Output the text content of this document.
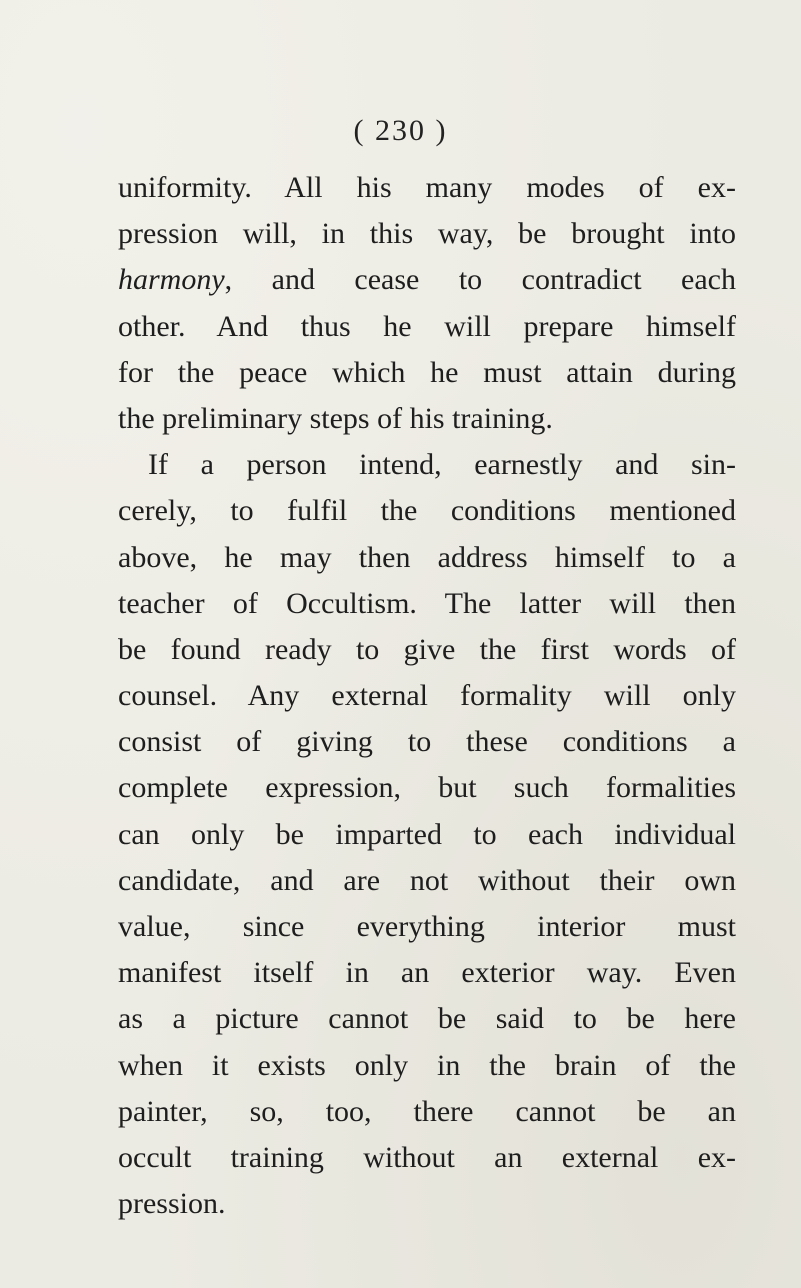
( 230 )

uniformity. All his many modes of ex-
pression will, in this way, be brought into
harmony, and cease to contradict each
other. And thus he will prepare himself
for the peace which he must attain during
the preliminary steps of his training.
If a person intend, earnestly and sin-
cerely, to fulfil the conditions mentioned
above, he may then address himself to a
teacher of Occultism. The latter will then
be found ready to give the first words of
counsel. Any external formality will only
consist of giving to these conditions a
complete expression, but such formalities
can only be imparted to each individual
candidate, and are not without their own
value, since everything interior must
manifest itself in an exterior way. Even
as a picture cannot be said to be here
when it exists only in the brain of the
painter, so, too, there cannot be an
occult training without an external ex-
pression.
